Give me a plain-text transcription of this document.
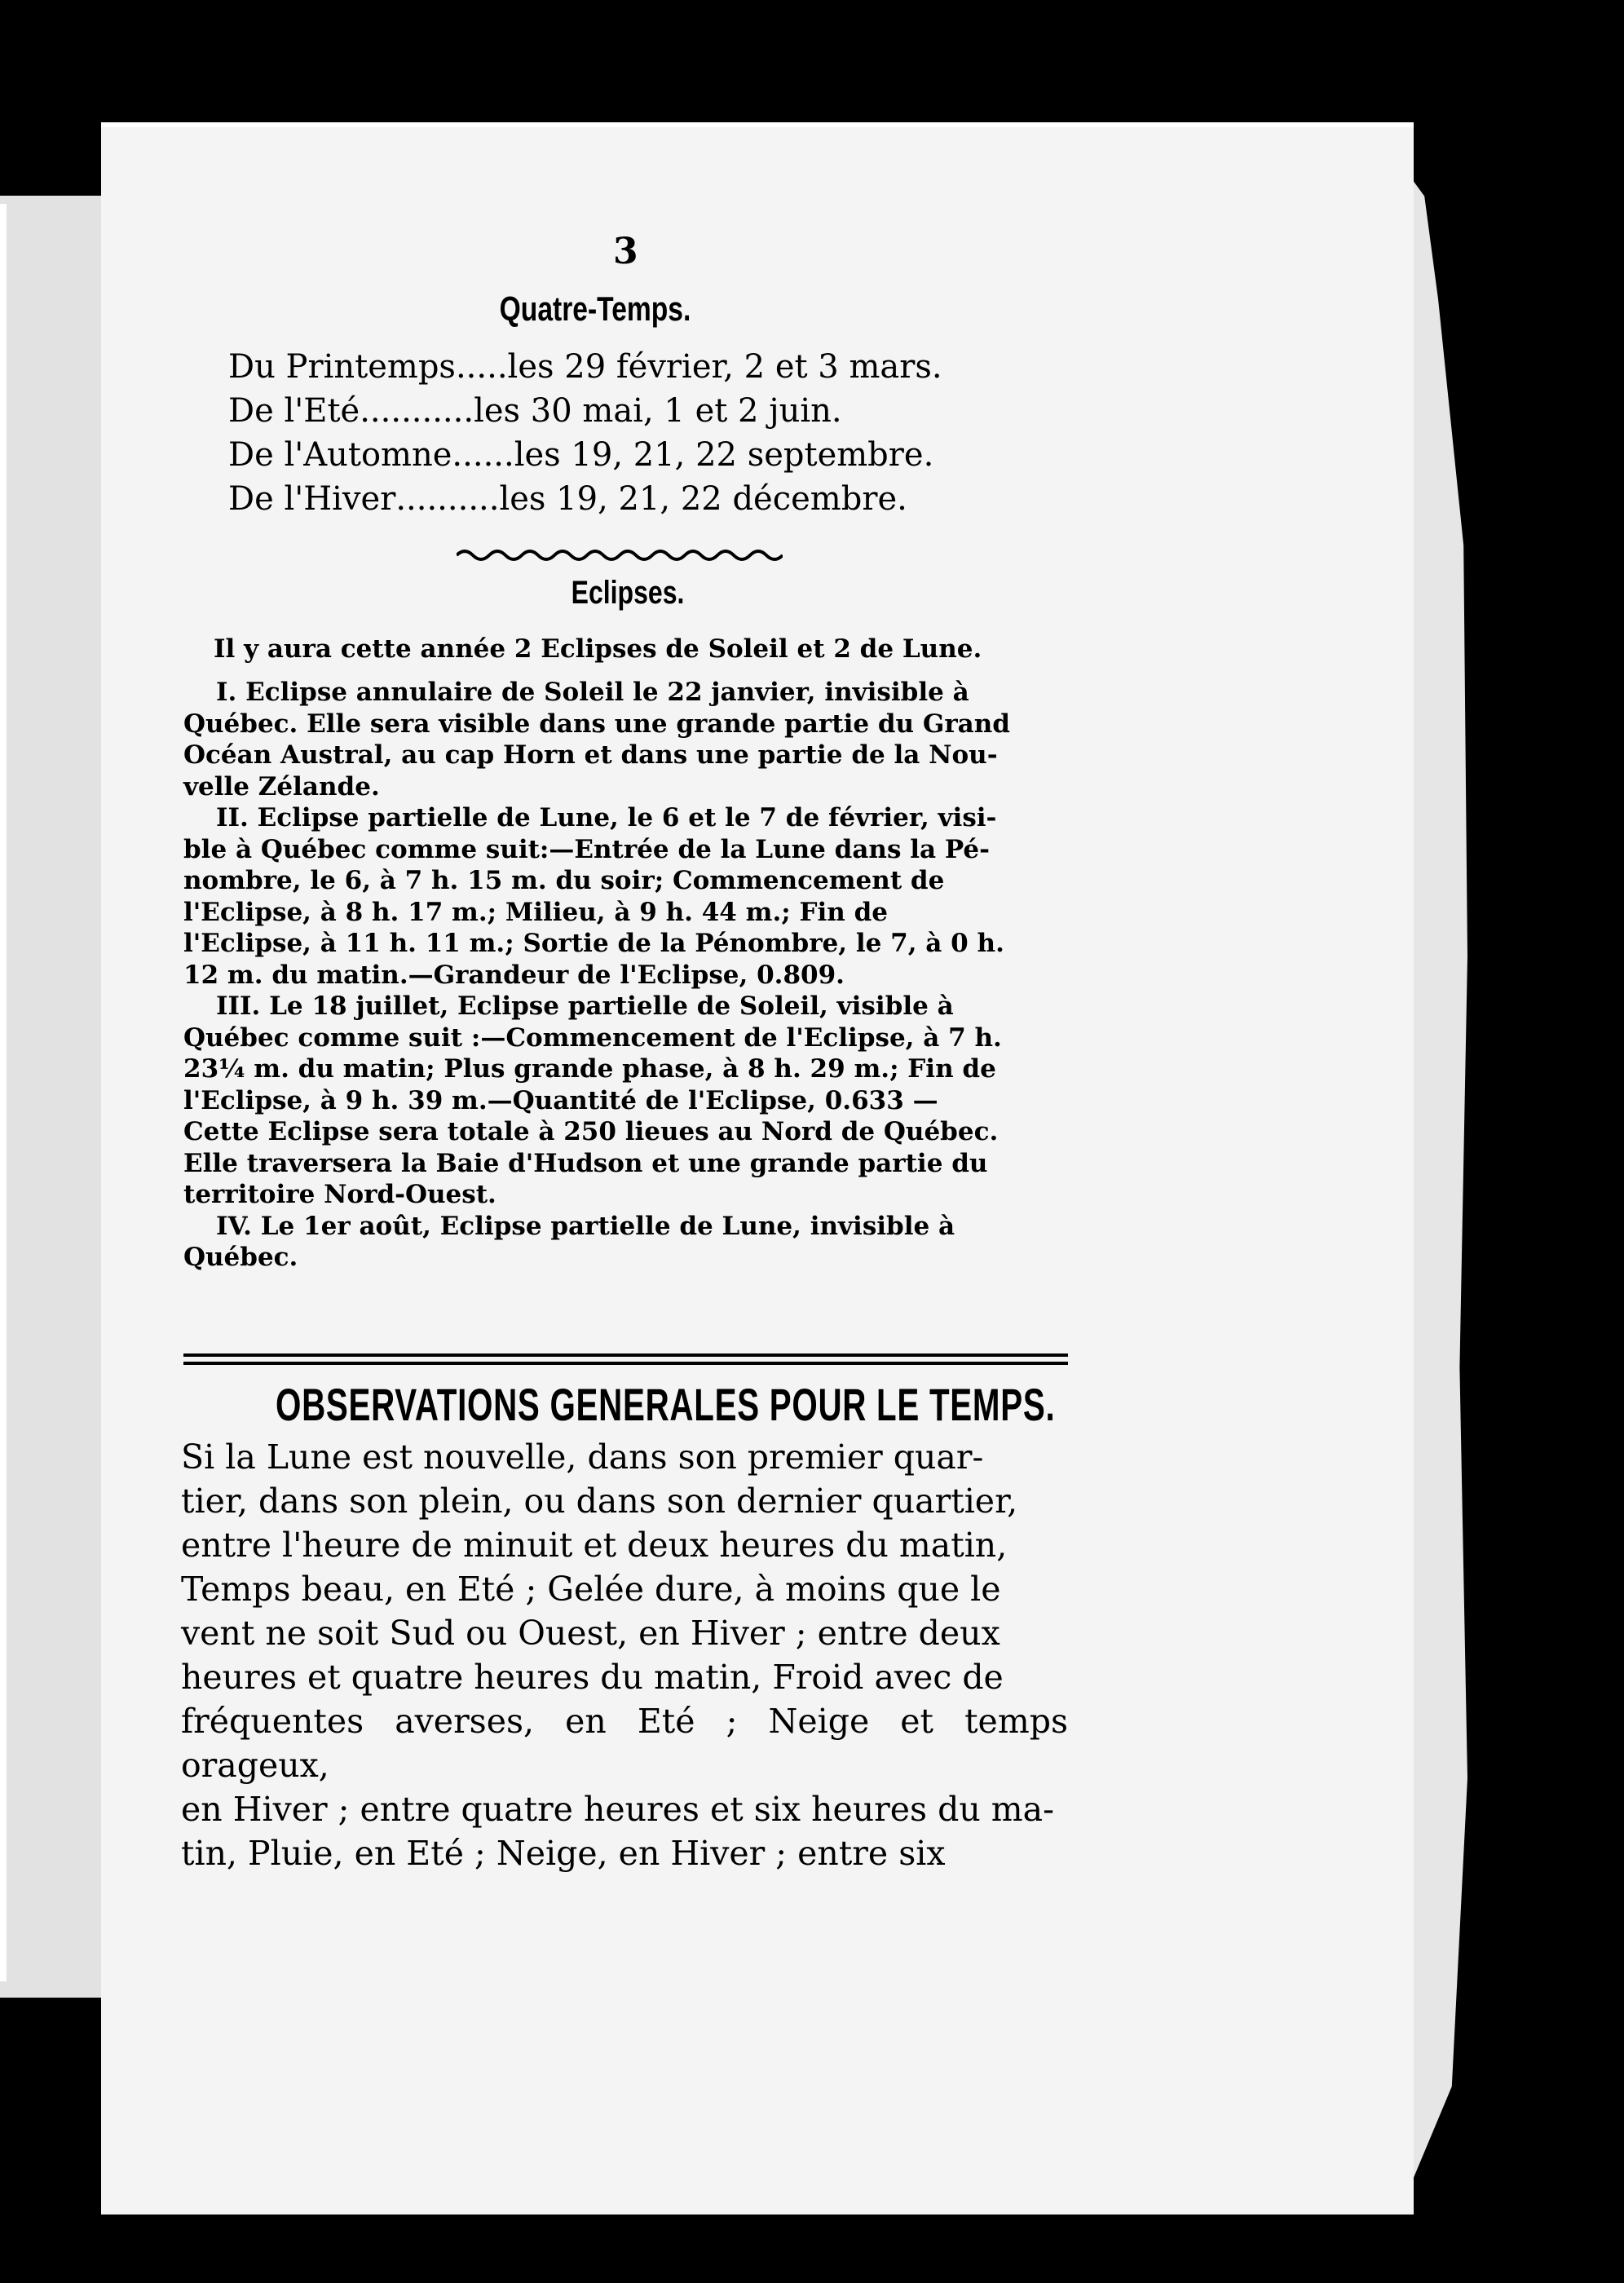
3
Quatre-Temps.
Du Printemps ..... les 29 février, 2 et 3 mars.
De l'Eté ........... les 30 mai, 1 et 2 juin.
De l'Automne ...... les 19, 21, 22 septembre.
De l'Hiver .......... les 19, 21, 22 décembre.
Eclipses.
Il y aura cette année 2 Eclipses de Soleil et 2 de Lune.

I. Eclipse annulaire de Soleil le 22 janvier, invisible à
Québec. Elle sera visible dans une grande partie du Grand
Océan Austral, au cap Horn et dans une partie de la Nou-
velle Zélande.

II. Eclipse partielle de Lune, le 6 et le 7 de février, visi-
ble à Québec comme suit:—Entrée de la Lune dans la Pé-
nombre, le 6, à 7 h. 15 m. du soir; Commencement de
l'Eclipse, à 8 h. 17 m.; Milieu, à 9 h. 44 m.; Fin de
l'Eclipse, à 11 h. 11 m.; Sortie de la Pénombre, le 7, à 0 h.
12 m. du matin.—Grandeur de l'Eclipse, 0.809.

III. Le 18 juillet, Eclipse partielle de Soleil, visible à
Québec comme suit :—Commencement de l'Eclipse, à 7 h.
23¼ m. du matin; Plus grande phase, à 8 h. 29 m.; Fin de
l'Eclipse, à 9 h. 39 m.—Quantité de l'Eclipse, 0.633 —
Cette Eclipse sera totale à 250 lieues au Nord de Québec.
Elle traversera la Baie d'Hudson et une grande partie du
territoire Nord-Ouest.

IV. Le 1er août, Eclipse partielle de Lune, invisible à
Québec.

OBSERVATIONS GENERALES POUR LE TEMPS.
Si la Lune est nouvelle, dans son premier quar-
tier, dans son plein, ou dans son dernier quartier,
entre l'heure de minuit et deux heures du matin,
Temps beau, en Eté ; Gelée dure, à moins que le
vent ne soit Sud ou Ouest, en Hiver ; entre deux
heures et quatre heures du matin, Froid avec de
fréquentes averses, en Eté ; Neige et temps orageux,
en Hiver ; entre quatre heures et six heures du ma-
tin, Pluie, en Eté ; Neige, en Hiver ; entre six
